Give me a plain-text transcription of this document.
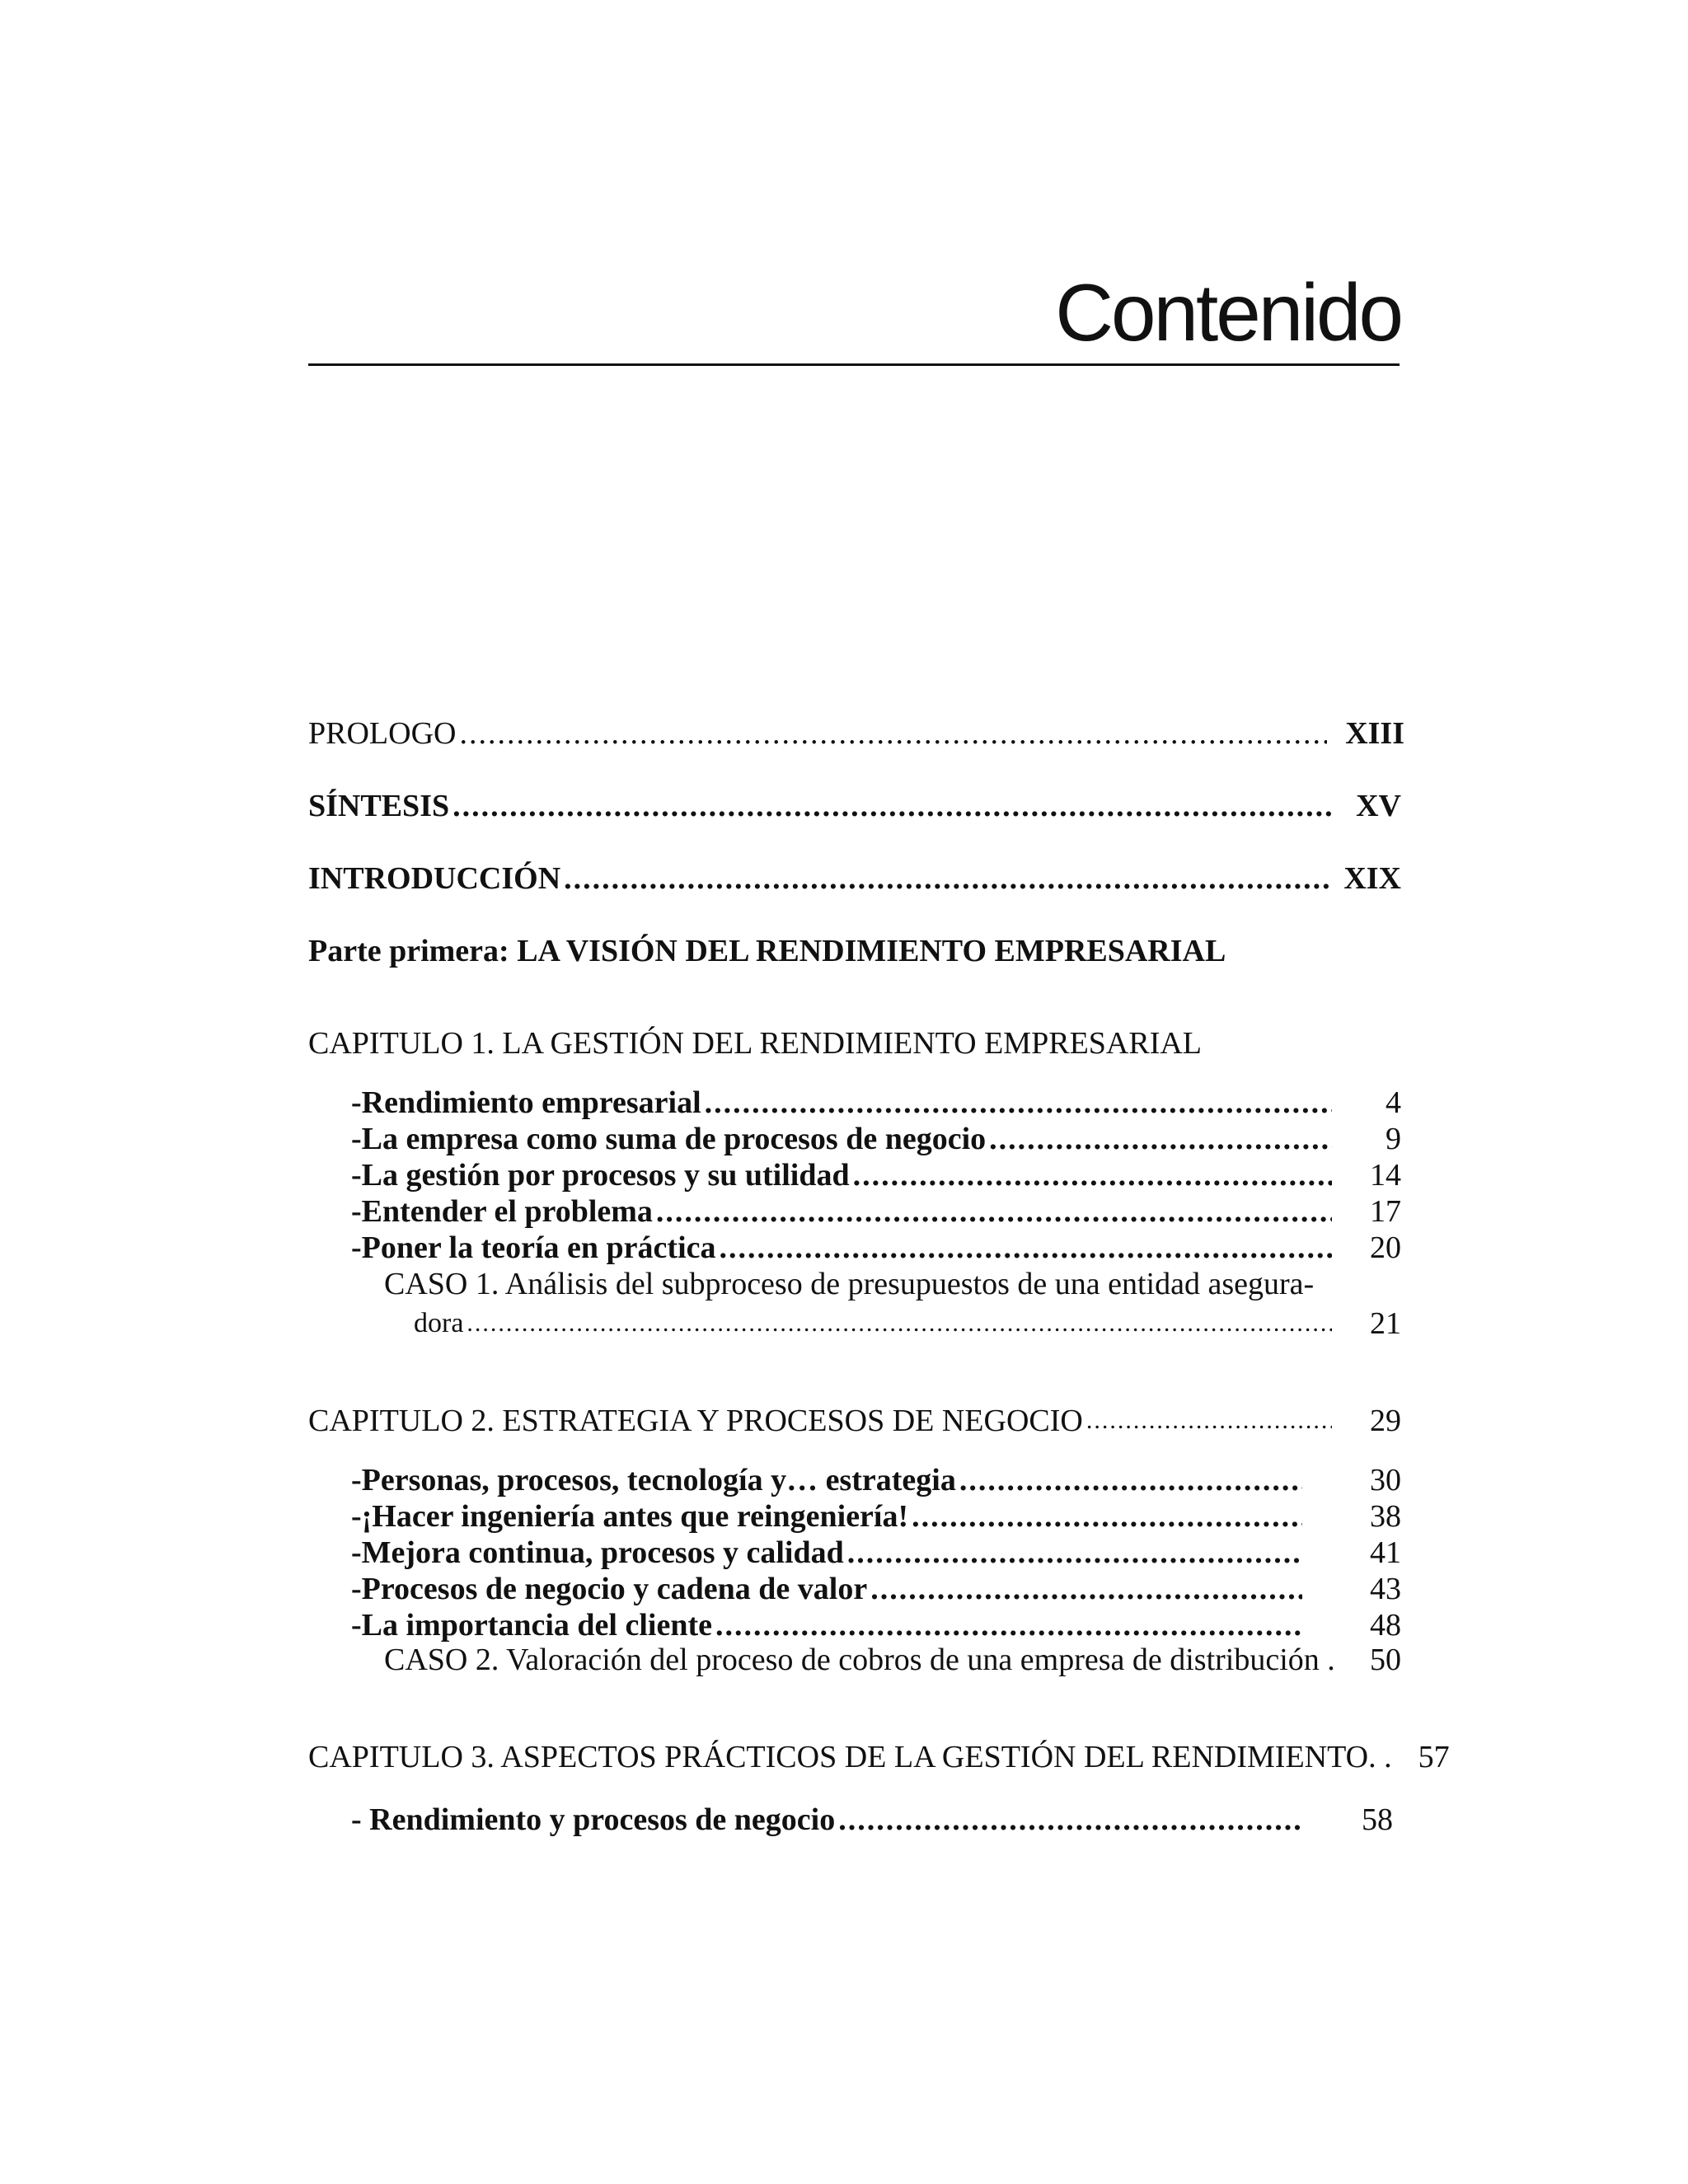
Contenido
PROLOGO .....	XIII
SÍNTESIS .....	XV
INTRODUCCIÓN .....	XIX
Parte primera: LA VISIÓN DEL RENDIMIENTO EMPRESARIAL
CAPITULO 1. LA GESTIÓN DEL RENDIMIENTO EMPRESARIAL
- Rendimiento empresarial .....	4
- La empresa como suma de procesos de negocio .....	9
- La gestión por procesos y su utilidad .....	14
- Entender el problema .....	17
- Poner la teoría en práctica .....	20
CASO 1. Análisis del subproceso de presupuestos de una entidad asegura-
dora .....	21
CAPITULO 2. ESTRATEGIA Y PROCESOS DE NEGOCIO .....	29
- Personas, procesos, tecnología y… estrategia .....	30
- ¡Hacer ingeniería antes que reingeniería! .....	38
- Mejora continua, procesos y calidad .....	41
- Procesos de negocio y cadena de valor .....	43
- La importancia del cliente .....	48
CASO 2. Valoración del proceso de cobros de una empresa de distribución .	50
CAPITULO 3. ASPECTOS PRÁCTICOS DE LA GESTIÓN DEL RENDIMIENTO. . 57
- Rendimiento y procesos de negocio .....	58
